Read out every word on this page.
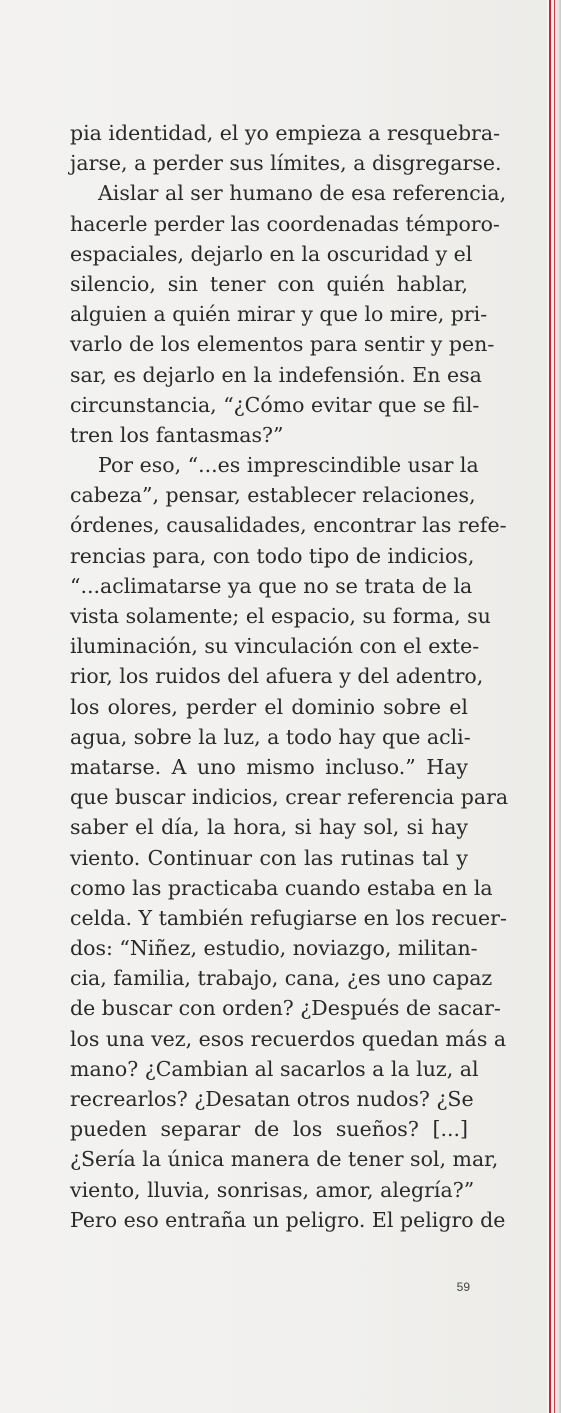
pia identidad, el yo empieza a resquebra-
jarse, a perder sus límites, a disgregarse.
Aislar al ser humano de esa referencia,
hacerle perder las coordenadas témporo-
espaciales, dejarlo en la oscuridad y el
silencio, sin tener con quién hablar,
alguien a quién mirar y que lo mire, pri-
varlo de los elementos para sentir y pen-
sar, es dejarlo en la indefensión. En esa
circunstancia, “¿Cómo evitar que se fil-
tren los fantasmas?”
Por eso, “...es imprescindible usar la
cabeza”, pensar, establecer relaciones,
órdenes, causalidades, encontrar las refe-
rencias para, con todo tipo de indicios,
“...aclimatarse ya que no se trata de la
vista solamente; el espacio, su forma, su
iluminación, su vinculación con el exte-
rior, los ruidos del afuera y del adentro,
los olores, perder el dominio sobre el
agua, sobre la luz, a todo hay que acli-
matarse. A uno mismo incluso.” Hay
que buscar indicios, crear referencia para
saber el día, la hora, si hay sol, si hay
viento. Continuar con las rutinas tal y
como las practicaba cuando estaba en la
celda. Y también refugiarse en los recuer-
dos: “Niñez, estudio, noviazgo, militan-
cia, familia, trabajo, cana, ¿es uno capaz
de buscar con orden? ¿Después de sacar-
los una vez, esos recuerdos quedan más a
mano? ¿Cambian al sacarlos a la luz, al
recrearlos? ¿Desatan otros nudos? ¿Se
pueden separar de los sueños? [...]
¿Sería la única manera de tener sol, mar,
viento, lluvia, sonrisas, amor, alegría?”
Pero eso entraña un peligro. El peligro de
59
